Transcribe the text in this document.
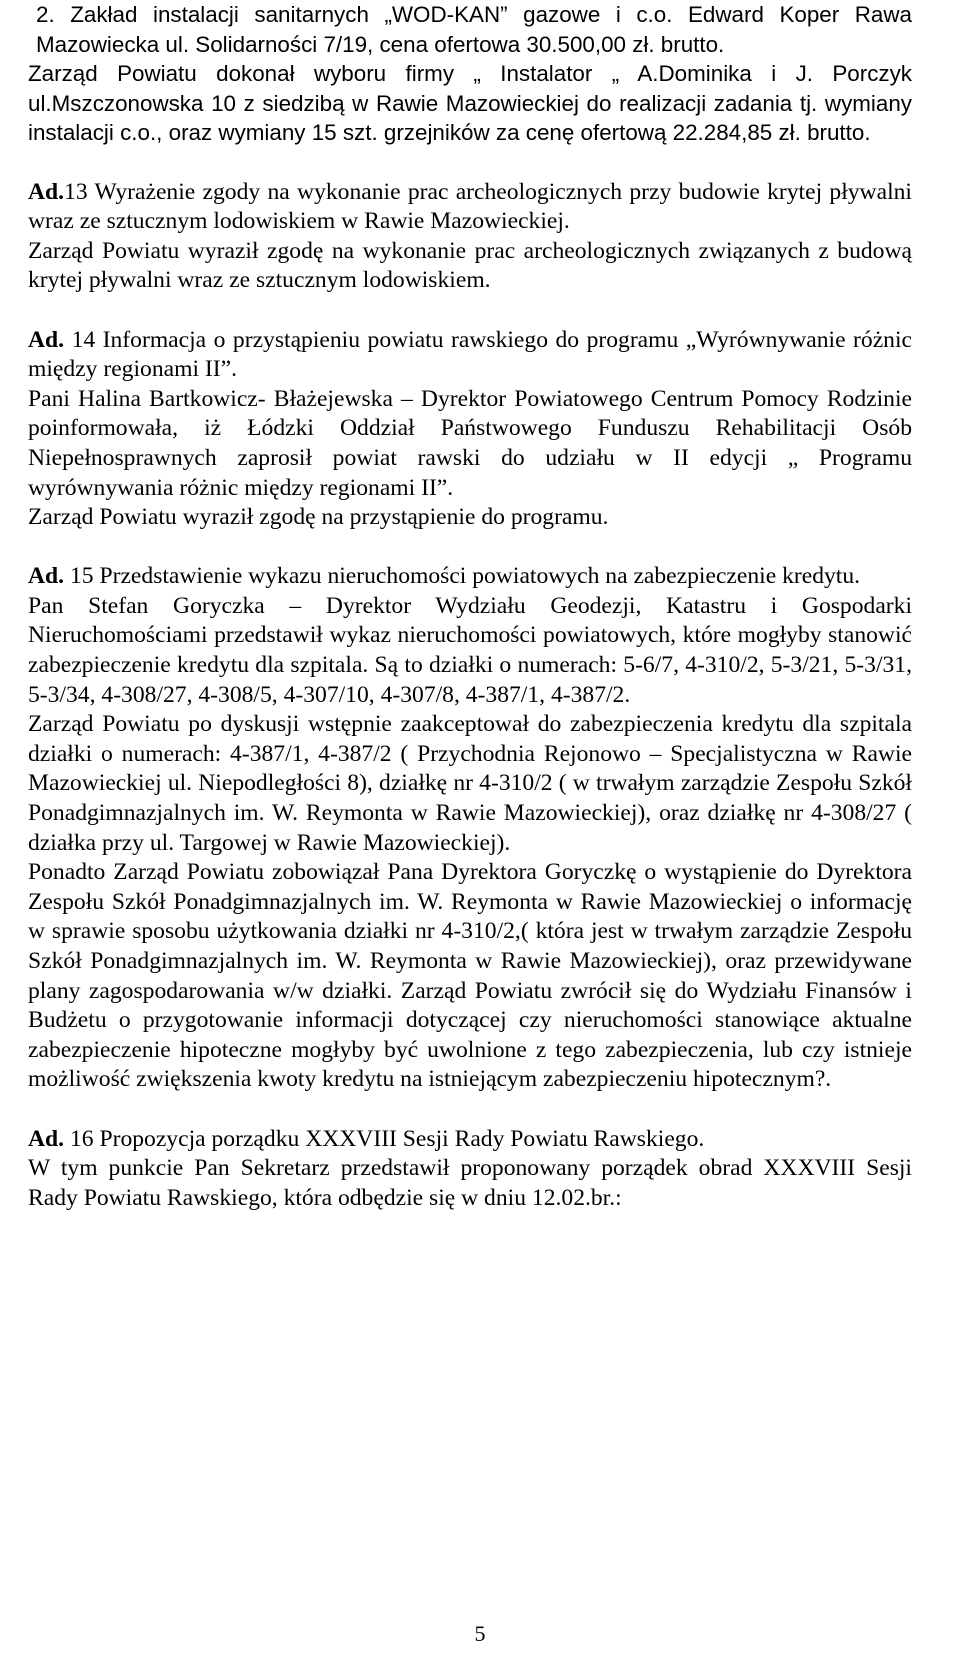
2. Zakład instalacji sanitarnych „WOD-KAN” gazowe i c.o. Edward Koper Rawa Mazowiecka ul. Solidarności 7/19, cena ofertowa 30.500,00 zł. brutto.

Zarząd Powiatu dokonał wyboru firmy „ Instalator „ A.Dominika i J. Porczyk ul.Mszczonowska 10 z siedzibą w Rawie Mazowieckiej do realizacji zadania tj. wymiany instalacji c.o., oraz wymiany 15 szt. grzejników za cenę ofertową 22.284,85 zł. brutto.

Ad.13 Wyrażenie zgody na wykonanie prac archeologicznych przy budowie krytej pływalni wraz ze sztucznym lodowiskiem w Rawie Mazowieckiej.

Zarząd Powiatu wyraził zgodę na wykonanie prac archeologicznych związanych z budową krytej pływalni wraz ze sztucznym lodowiskiem.

Ad. 14 Informacja o przystąpieniu powiatu rawskiego do programu „Wyrównywanie różnic między regionami II”.

Pani Halina Bartkowicz- Błażejewska – Dyrektor Powiatowego Centrum Pomocy Rodzinie poinformowała, iż Łódzki Oddział Państwowego Funduszu Rehabilitacji Osób Niepełnosprawnych zaprosił powiat rawski do udziału w II edycji „ Programu wyrównywania różnic między regionami II”.

Zarząd Powiatu wyraził zgodę na przystąpienie do programu.

Ad. 15 Przedstawienie wykazu nieruchomości powiatowych na zabezpieczenie kredytu.

Pan Stefan Goryczka – Dyrektor Wydziału Geodezji, Katastru i Gospodarki Nieruchomościami przedstawił wykaz nieruchomości powiatowych, które mogłyby stanowić zabezpieczenie kredytu dla szpitala. Są to działki o numerach: 5-6/7, 4-310/2, 5-3/21, 5-3/31, 5-3/34, 4-308/27, 4-308/5, 4-307/10, 4-307/8, 4-387/1, 4-387/2.

Zarząd Powiatu po dyskusji wstępnie zaakceptował do zabezpieczenia kredytu dla szpitala działki o numerach: 4-387/1, 4-387/2 ( Przychodnia Rejonowo – Specjalistyczna w Rawie Mazowieckiej ul. Niepodległości 8), działkę nr 4-310/2 ( w trwałym zarządzie Zespołu Szkół Ponadgimnazjalnych im. W. Reymonta w Rawie Mazowieckiej), oraz działkę nr 4-308/27 ( działka przy ul. Targowej w Rawie Mazowieckiej).

Ponadto Zarząd Powiatu zobowiązał Pana Dyrektora Goryczkę o wystąpienie do Dyrektora Zespołu Szkół Ponadgimnazjalnych im. W. Reymonta w Rawie Mazowieckiej o informację w sprawie sposobu użytkowania działki nr 4-310/2,( która jest w trwałym zarządzie Zespołu Szkół Ponadgimnazjalnych im. W. Reymonta w Rawie Mazowieckiej), oraz przewidywane plany zagospodarowania w/w działki. Zarząd Powiatu zwrócił się do Wydziału Finansów i Budżetu o przygotowanie informacji dotyczącej czy nieruchomości stanowiące aktualne zabezpieczenie hipoteczne mogłyby być uwolnione z tego zabezpieczenia, lub czy istnieje możliwość zwiększenia kwoty kredytu na istniejącym zabezpieczeniu hipotecznym?.

Ad. 16 Propozycja porządku XXXVIII Sesji Rady Powiatu Rawskiego.

W tym punkcie Pan Sekretarz przedstawił proponowany porządek obrad XXXVIII Sesji Rady Powiatu Rawskiego, która odbędzie się w dniu 12.02.br.:

5
